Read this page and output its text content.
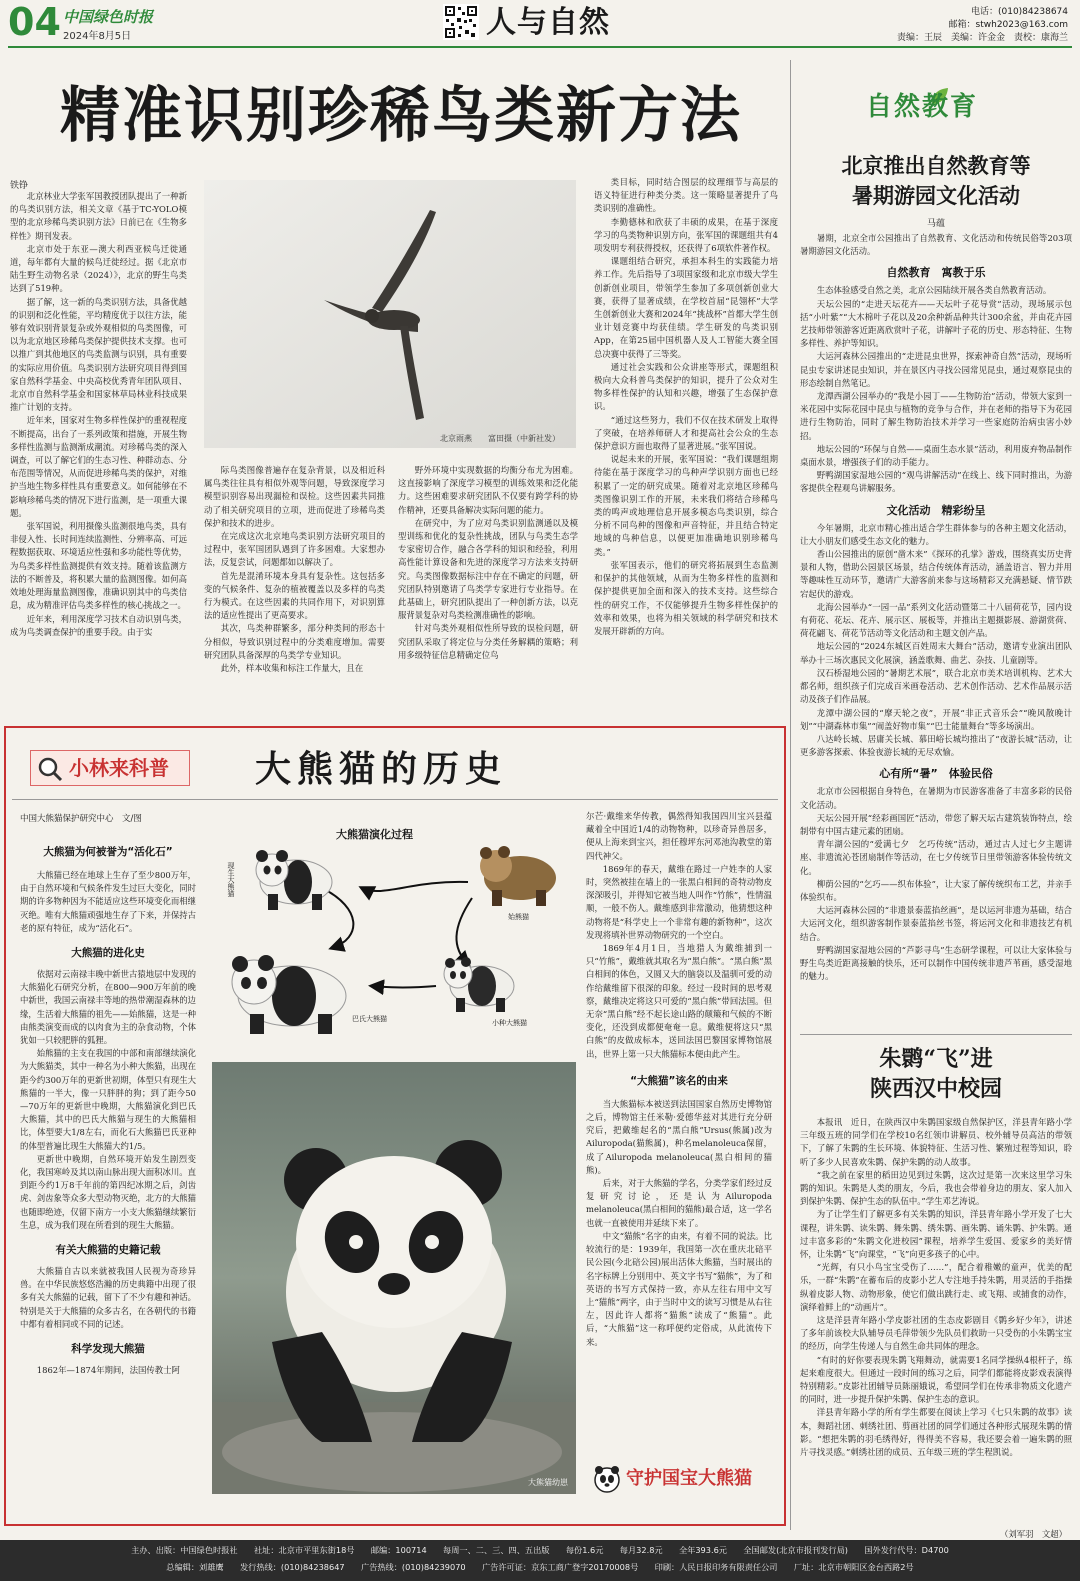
04 中国绿色时报
2024年8月5日	人与自然	电话：(010)84238674
邮箱：stwh2023@163.com
责编：王辰　美编：许金金　责校：康海兰
精准识别珍稀鸟类新方法
铁铮
北京雨燕　　富田摄（中新社发）

北京林业大学张军国教授团队提出了一种新的鸟类识别方法，相关文章《基于TC-YOLO模型的北京珍稀鸟类识别方法》日前已在《生物多样性》期刊发表。

北京市处于东亚—澳大利西亚候鸟迁徙通道，每年都有大量的候鸟迁徙经过。据《北京市陆生野生动物名录（2024）》，北京的野生鸟类达到了519种。

据了解，这一新的鸟类识别方法，具备优越的识别和泛化性能，平均精度优于以往方法，能够有效识别背景复杂或外观相似的鸟类图像，可以为北京地区珍稀鸟类保护提供技术支撑。也可以推广到其他地区的鸟类监测与识别，具有重要的实际应用价值。鸟类识别方法研究项目得到国家自然科学基金、中央高校优秀青年团队项目、北京市自然科学基金和国家林草局林业科技成果推广计划的支持。

近年来，国家对生物多样性保护的重视程度不断提高，出台了一系列政策和措施，开展生物多样性监测与监测渐成潮流。对珍稀鸟类的深入调查，可以了解它们的生态习性、种群动态、分布范围等情况，从而促进珍稀鸟类的保护，对维护当地生物多样性具有重要意义。如何能够在不影响珍稀鸟类的情况下进行监测，是一项重大课题。

张军国说，利用摄像头监测很地鸟类，具有非侵入性、长时间连续监测性、分辨率高、可远程数据获取、环境适应性强和多功能性等优势，为鸟类多样性监测提供有效支持。随着该监测方法的不断普及，将积累大量的监测图像。如何高效地处理海量监测图像，准确识别其中的鸟类信息，成为精准评估鸟类多样性的核心挑战之一。

近年来，利用深度学习技术自动识别鸟类，成为鸟类调查保护的重要手段。由于实

际鸟类图像普遍存在复杂背景，以及相近科属鸟类往往具有相似外观等问题，导致深度学习模型识别容易出现漏检和误检。这些因素共同推动了相关研究项目的立项，进而促进了珍稀鸟类保护和技术的进步。

在完成这次北京地鸟类识别方法研究项目的过程中，张军国团队遇到了许多困难。大家想办法，反复尝试，问题都如以解决了。

首先是混淆环境本身具有复杂性。这包括多变的气候条件、复杂的植被覆盖以及多样的鸟类行为模式。在这些因素的共同作用下，对识别算法的适应性提出了更高要求。

其次，鸟类种群繁多，部分种类间的形态十分相似，导致识别过程中的分类难度增加。需要研究团队具备深厚的鸟类学专业知识。

此外，样本收集和标注工作量大，且在

野外环境中实现数据的均衡分布尤为困难。这直接影响了深度学习模型的训练效果和泛化能力。这些困难要求研究团队不仅要有跨学科的协作精神，还要具备解决实际问题的能力。

在研究中，为了应对鸟类识别监测通以及模型训练和优化的复杂性挑战，团队与鸟类生态学专家密切合作，融合各学科的知识和经验，利用高性能计算设备和先进的深度学习方法来支持研究。鸟类图像数据标注中存在不确定的问题，研究团队特别邀请了鸟类学专家进行专业指导。在此基础上，研究团队提出了一种创新方法，以克服背景复杂对鸟类检测准确性的影响。

针对鸟类外观相似性所导致的误检问题，研究团队采取了将定位与分类任务解耦的策略；利用多级特征信息精确定位鸟

类目标，同时结合图层的纹理细节与高层的语义特征进行种类分类。这一策略显著提升了鸟类识别的准确性。

李勤德林和欣获了丰硕的成果，在基于深度学习的鸟类物种识别方向，张军国的课题组共有4项发明专利获得授权，还获得了6项软件著作权。

课题组结合研究，承担本科生的实践能力培养工作。先后指导了3项国家级和北京市级大学生创新创业项目，带领学生参加了多项创新创业大赛，获得了显著成绩，在学校首届“昆翎杯”大学生创新创业大赛和2024年“挑战杯”首都大学生创业计划竞赛中均获佳绩。学生研发的鸟类识别App，在第25届中国机器人及人工智能大赛全国总决赛中获得了三等奖。

通过社会实践和公众讲座等形式，课题组积极向大众科普鸟类保护的知识，提升了公众对生物多样性保护的认知和兴趣，增强了生态保护意识。

“通过这些努力，我们不仅在技术研发上取得了突破，在培养师研人才和提高社会公众的生态保护意识方面也取得了显著进展。”张军国说。

说起未来的开展，张军国说：“我们课题组期待能在基于深度学习的鸟种声学识别方面也已经积累了一定的研究成果。随着对北京地区珍稀鸟类图像识别工作的开展，未来我们将结合珍稀鸟类的鸣声或地理信息开展多模态鸟类识别，综合分析不同鸟种的图像和声音特征，并且结合特定地域的鸟种信息，以便更加准确地识别珍稀鸟类。”

张军国表示，他们的研究将拓展到生态监测和保护的其他领域，从而为生物多样性的监测和保护提供更加全面和深入的技术支持。这些综合性的研究工作，不仅能够提升生物多样性保护的效率和效果，也将为相关领域的科学研究和技术发展开辟新的方向。

小林来科普 大熊猫的历史
中国大熊猫保护研究中心　文/图
大熊猫为何被誉为“活化石”

大熊猫已经在地球上生存了至少800万年，由于自然环境和气候条件发生过巨大变化，同时期的许多物种因为不能适应这些环境变化而相继灭绝。唯有大熊猫顽强地生存了下来，并保持古老的原有特征，成为“活化石”。

大熊猫的进化史

依据对云南禄丰晚中新世古猿地层中发现的大熊猫化石研究分析，在800—900万年前的晚中新世，我国云南禄丰等地的热带潮湿森林的边缘，生活着大熊猫的祖先——始熊猫，这是一种由熊类演变而成的以肉食为主的杂食动物，个体犹如一只较肥胖的狐狸。

始熊猫的主支在我国的中部和南部继续演化为大熊猫类，其中一种名为小种大熊猫，出现在距今约300万年的更新世初期，体型只有现生大熊猫的一半大，像一只胖胖的狗；到了距今50—70万年的更新世中晚期，大熊猫演化到巴氏大熊猫，其中的巴氏大熊猫与现生的大熊猫相比，体型要大1/8左右，而化石大熊猫巴氏亚种的体型普遍比现生大熊猫大约1/5。

更新世中晚期，自然环境开始发生剧烈变化，我国寒岭及其以南山脉出现大面积冰川。直到距今约1万8千年前的第四纪冰期之后，剑齿虎、剑齿象等众多大型动物灭绝，北方的大熊猫也随即绝迹，仅留下南方一小支大熊猫继续繁衍生息，成为我们现在所看到的现生大熊猫。

有关大熊猫的史籍记载

大熊猫自古以来就被我国人民视为奇珍异兽。在中华民族悠悠浩瀚的历史典籍中出现了很多有关大熊猫的记载，留下了不少有趣和神话。特别是关于大熊猫的众多古名，在各朝代的书籍中都有着相同或不同的记述。

科学发现大熊猫

1862年—1874年期间，法国传教士阿

大熊猫演化过程
始熊猫
小种大熊猫
巴氏大熊猫
现生大熊猫
大熊猫幼崽

尔芒·戴维来华传教，偶然得知我国四川宝兴县蕴藏着全中国近1/4的动物物种，以珍奇异兽居多，便从上海来到宝兴，担任穆坪东河邓池沟教堂的第四代神父。

1869年的春天，戴维在路过一户姓李的人家时，突然被挂在墙上的一张黑白相间的奇特动物皮深深吸引，并得知它被当地人叫作“竹熊”，性情温顺，一般不伤人。戴维感到非常激动，他猜想这种动物将是“科学史上一个非常有趣的新物种”，这次发现将填补世界动物研究的一个空白。

1869年4月1日，当地猎人为戴维捕到一只“竹熊”，戴维就其取名为“黑白熊”。“黑白熊”黑白相间的体色，又圆又大的脑袋以及温驯可爱的动作给戴维留下很深的印象。经过一段时间的思考观察，戴维决定将这只可爱的“黑白熊”带回法国。但无奈“黑白熊”经不起长途山路的颠簸和气候的不断变化，还没到成都便奄奄一息。戴维便将这只“黑白熊”的皮做成标本，送回法国巴黎国家博物馆展出，世界上第一只大熊猫标本便由此产生。

“大熊猫”该名的由来

当大熊猫标本被送到法国国家自然历史博物馆之后，博物馆主任米勒·爱德华兹对其进行充分研究后，把戴维起名的“黑白熊”Ursus(熊属)改为Ailuropoda(猫熊属)，种名melanoleuca保留，成了Ailuropoda melanoleuca(黑白相间的猫熊)。

后来，对于大熊猫的学名，分类学家们经过反复研究讨论，还是认为Ailuropoda melanoleuca(黑白相间的猫熊)最合适，这一学名也就一直被使用并延续下来了。

中文“猫熊”名字的由来，有着不同的说法。比较流行的是：1939年，我国第一次在重庆北碚平民公园(今北碚公园)展出活体大熊猫，当时展出的名字标牌上分别用中、英文字书写“猫熊”，为了和英语的书写方式保持一致，亦从左往右用中文写上“猫熊”两字，由于当时中文的读写习惯是从右往左，因此许人都将“猫熊”读成了“熊猫”。此后，“大熊猫”这一称呼便约定俗成，从此流传下来。

守护国宝大熊猫
自然教育
北京推出自然教育等
暑期游园文化活动
马蕴

暑期，北京全市公园推出了自然教育、文化活动和传统民俗等203项暑期游园文化活动。

自然教育　寓教于乐

生态体验感受自然之美，北京公园陆续开展各类自然教育活动。

天坛公园的“走进天坛花卉——天坛叶子花导赏”活动，现场展示包括“小叶紫”“大木棉叶子花以及20余种新品种共计300余盆，并由花卉园艺技师带领游客近距离欣赏叶子花，讲解叶子花的历史、形态特征、生物多样性、养护等知识。

大运河森林公园推出的“走进昆虫世界，探索神奇自然”活动，现场听昆虫专家讲述昆虫知识，并在景区内寻找公园常见昆虫，通过观察昆虫的形态绘制自然笔记。

龙潭西湖公园举办的“我是小园丁——生物防治”活动，带领大家到一米花园中实际花园中昆虫与植物的竞争与合作，并在老师的指导下为花园进行生物防治，同时了解生物防治技术并学习一些家庭防治病虫害小妙招。

地坛公园的“环保与自然——桌面生态水景”活动，利用废弃物品制作桌面水景，增强孩子们的动手能力。

野鸭湖国家湿地公园的“观鸟讲解活动”在线上、线下同时推出，为游客提供全程观鸟讲解服务。

文化活动　精彩纷呈

今年暑期，北京市精心推出适合学生群体参与的各种主题文化活动，让大小朋友们感受生态文化的魅力。

香山公园推出的原创“凿木来”《探环的孔掌》游戏，围绕真实历史背景和人物，借助公园景区场景，结合传统体育活动，涵盖语言、智力并用等趣味性互动环节，邀请广大游客前来参与这场精彩又充满悬疑、情节跌宕起伏的游戏。

北海公园举办“一园一品”系列文化活动暨第二十八届荷花节，园内设有荷花、花坛、花卉、展示区、展板等，并推出主题摄影展、游湖赏荷、荷花翩飞、荷花节活动等文化活动和主题文创产品。

地坛公园的“2024东城区百姓周末大舞台”活动，邀请专业演出团队举办十三场次惠民文化展演，涵盖歌舞、曲艺、杂技、儿童剧等。

汉石桥湿地公园的“暑期艺术展”，联合北京市美术培训机构、艺术大都名师，组织孩子们完成百米画卷活动、艺术创作活动、艺术作品展示活动及孩子们作品展。

龙潭中湖公园的“摩天轮之夜”，开展“非正式音乐会”“晚风散晚计划”“中湖森林市集”“闹盖好物市集”“巴士能量舞台”等多场演出。

八达岭长城、居庸关长城、慕田峪长城均推出了“夜游长城”活动，让更多游客探索、体验夜游长城的无尽欢愉。

心有所“暑”　体验民俗

北京市公园根据自身特色，在暑期为市民游客准备了丰富多彩的民俗文化活动。

天坛公园开展“经彩画国匠”活动，带您了解天坛古建筑装饰特点，绘制带有中国古建元素的团扇。

青年湖公园的“爱满七夕　乞巧传统”活动，通过古人过七夕主题讲座、非遗流沁苍团扇制作等活动，在七夕传统节日里带领游客体验传统文化。

柳荫公园的“乞巧——织布体验”，让大家了解传统织布工艺，并亲手体验织布。

大运河森林公园的“非遗景泰蓝掐丝画”，是以运河非遗为基础，结合大运河文化，组织游客制作景泰蓝掐丝书签，将运河文化和非遗技艺有机结合。

野鸭湖国家湿地公园的“芦影寻鸟”生态研学课程，可以让大家体验与野生鸟类近距离接触的快乐，还可以制作中国传统非遗芦苇画，感受湿地的魅力。

朱鹮“飞”进
陕西汉中校园

本报讯　近日，在陕西汉中朱鹮国家级自然保护区，洋县青年路小学三年级五班的同学们在学校10名红领巾讲解员、校外辅导员高洁的带领下，了解了朱鹮的生长环境、体貌特征、生活习性、繁殖过程等知识，聆听了多少人民喜欢朱鹮、保护朱鹮的动人故事。

“我之前在家里的稻田边见到过朱鹮，这次过是第一次来这里学习朱鹮的知识。朱鹮是人类的朋友，今后，我也会带着身边的朋友、家人加入到保护朱鹮、保护生态的队伍中。”学生邓艺涛说。

为了让学生们了解更多有关朱鹮的知识，洋县青年路小学开发了七大课程，讲朱鹮、读朱鹮、舞朱鹮、绣朱鹮、画朱鹮、诵朱鹮、护朱鹮。通过丰富多彩的“朱鹮文化进校园”课程，培养学生爱国、爱家乡的美好情怀，让朱鹮“飞”向课堂，“飞”向更多孩子的心中。

“光辉，有只小鸟宝宝受伤了……”，配合着稚嫩的童声，优美的配乐，一群“朱鹮”在蓄布后的皮影小艺人专注地手持朱鹮，用灵活的手指操纵着皮影人物、动物形象，使它们做出跳行走、或飞翔、或捕食的动作，演绎着鲜上的“动画片”。

这是洋县青年路小学皮影社团的生态皮影剧目《鹮乡好少年》，讲述了多年前该校大队辅导员毛萍带领少先队员们救助一只受伤的小朱鹮宝宝的经历，向学生传递人与自然生命共同体的理念。

“有时的好你要表现朱鹮飞翔舞动，就需要1名同学操纵4根杆子，练起来难度很大。但通过一段时间的练习之后，同学们都能将皮影戏表演得特别精彩。”皮影社团辅导员陈丽娥说，希望同学们在传承非物质文化遗产的同时，进一步提升保护朱鹮、保护生态的意识。

洋县青年路小学的所有学生都要在阅读上学习《七只朱鹮的故事》读本，舞蹈社团、刺绣社团、剪画社团的同学们通过各种形式展现朱鹮的情影。“想把朱鹮的羽毛绣得好，得得美不容易，我还要会着一遍朱鹮的照片寻找灵感。”刺绣社团的成员、五年级三班的学生程凯说。

（刘军羽　文超）
主办、出版：中国绿色时报社　　社址：北京市平里东街18号　　邮编：100714　　每周一、二、三、四、五出版　　每份1.6元　　每月32.8元　　全年393.6元　　全国邮发(北京市报刊发行局)　　国外发行代号：D4700
总编辑：刘雄鹰　　发行热线：(010)84238647　　广告热线：(010)84239070　　广告许可证：京东工商广登字20170008号　　印刷：人民日报印务有限责任公司　　厂址：北京市朝阳区金台西路2号
